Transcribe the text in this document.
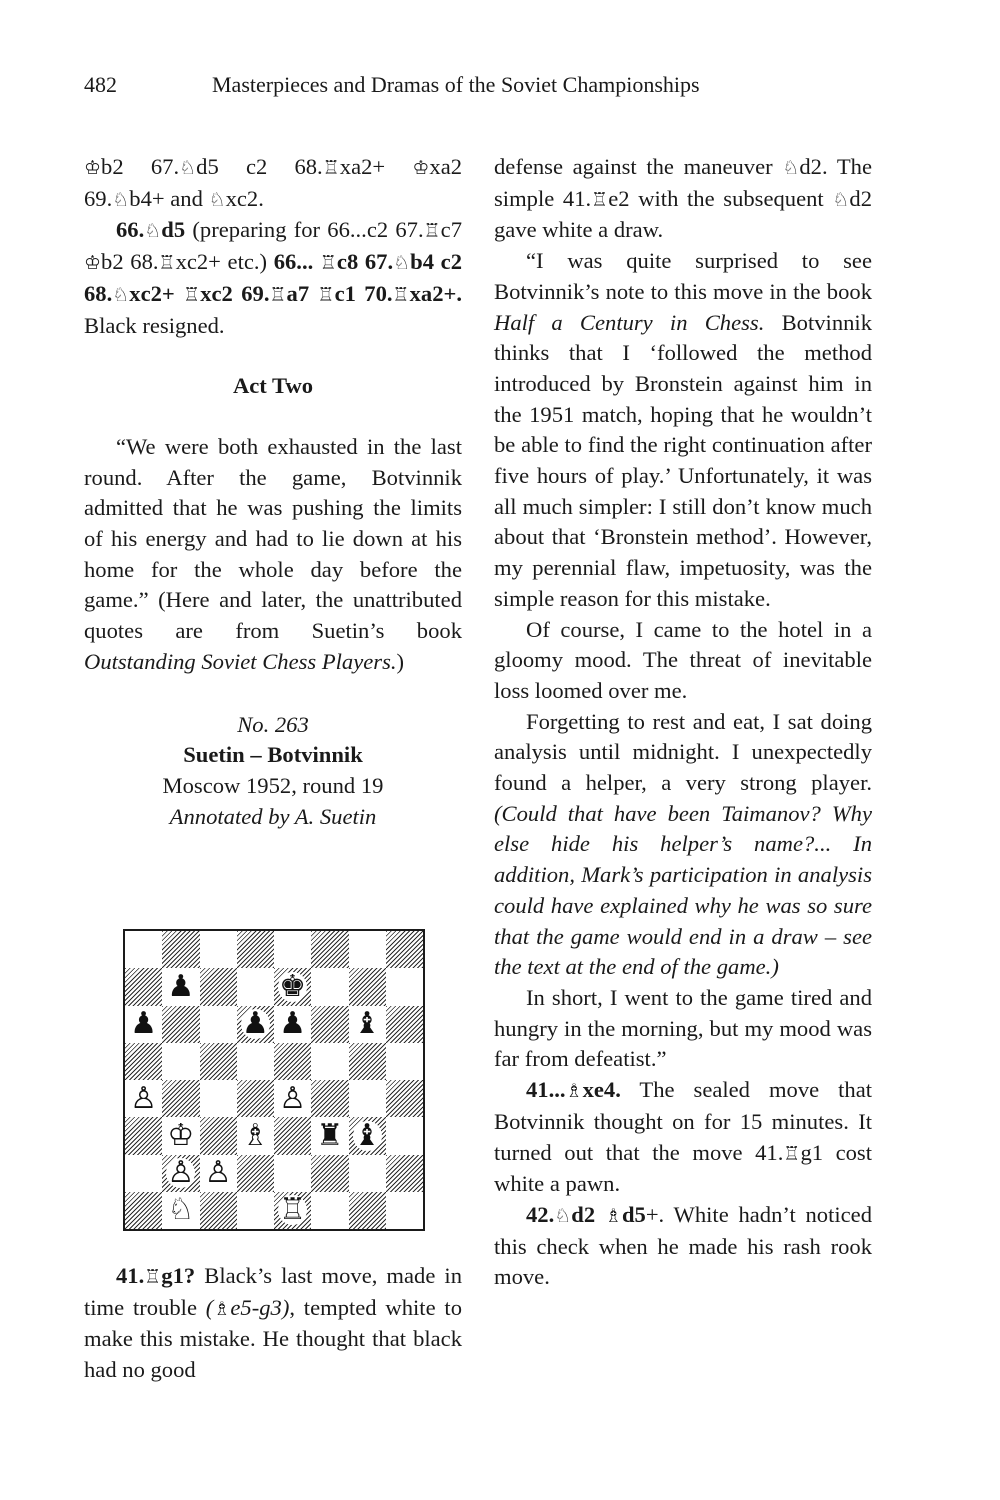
482	Masterpieces and Dramas of the Soviet Championships

♔b2 67.♘d5 c2 68.♖xa2+ ♔xa2 69.♘b4+ and ♘xc2.

66.♘d5 (preparing for 66...c2 67.♖c7 ♔b2 68.♖xc2+ etc.) 66... ♖c8 67.♘b4 c2 68.♘xc2+ ♖xc2 69.♖a7 ♖c1 70.♖xa2+. Black resigned.

Act Two

“We were both exhausted in the last round. After the game, Botvinnik admitted that he was pushing the limits of his energy and had to lie down at his home for the whole day before the game.” (Here and later, the unattributed quotes are from Suetin’s book Outstanding Soviet Chess Players.)

No. 263
Suetin – Botvinnik
Moscow 1952, round 19
Annotated by A. Suetin
♟	♚
♟	♟ ♟ ♝
♙	♙
♔ ♗ ♜ ♝
♙ ♙
♘	♖

41.♖g1? Black’s last move, made in time trouble (♗e5-g3), tempted white to make this mistake. He thought that black had no good

defense against the maneuver ♘d2. The simple 41.♖e2 with the subsequent ♘d2 gave white a draw.

“I was quite surprised to see Botvinnik’s note to this move in the book Half a Century in Chess. Botvinnik thinks that I ‘followed the method introduced by Bronstein against him in the 1951 match, hoping that he wouldn’t be able to find the right continuation after five hours of play.’ Unfortunately, it was all much simpler: I still don’t know much about that ‘Bronstein method’. However, my perennial flaw, impetuosity, was the simple reason for this mistake.

Of course, I came to the hotel in a gloomy mood. The threat of inevitable loss loomed over me.

Forgetting to rest and eat, I sat doing analysis until midnight. I unexpectedly found a helper, a very strong player. (Could that have been Taimanov? Why else hide his helper’s name?... In addition, Mark’s participation in analysis could have explained why he was so sure that the game would end in a draw – see the text at the end of the game.)

In short, I went to the game tired and hungry in the morning, but my mood was far from defeatist.”

41...♗xe4. The sealed move that Botvinnik thought on for 15 minutes. It turned out that the move 41.♖g1 cost white a pawn.

42.♘d2 ♗d5+. White hadn’t noticed this check when he made his rash rook move.
